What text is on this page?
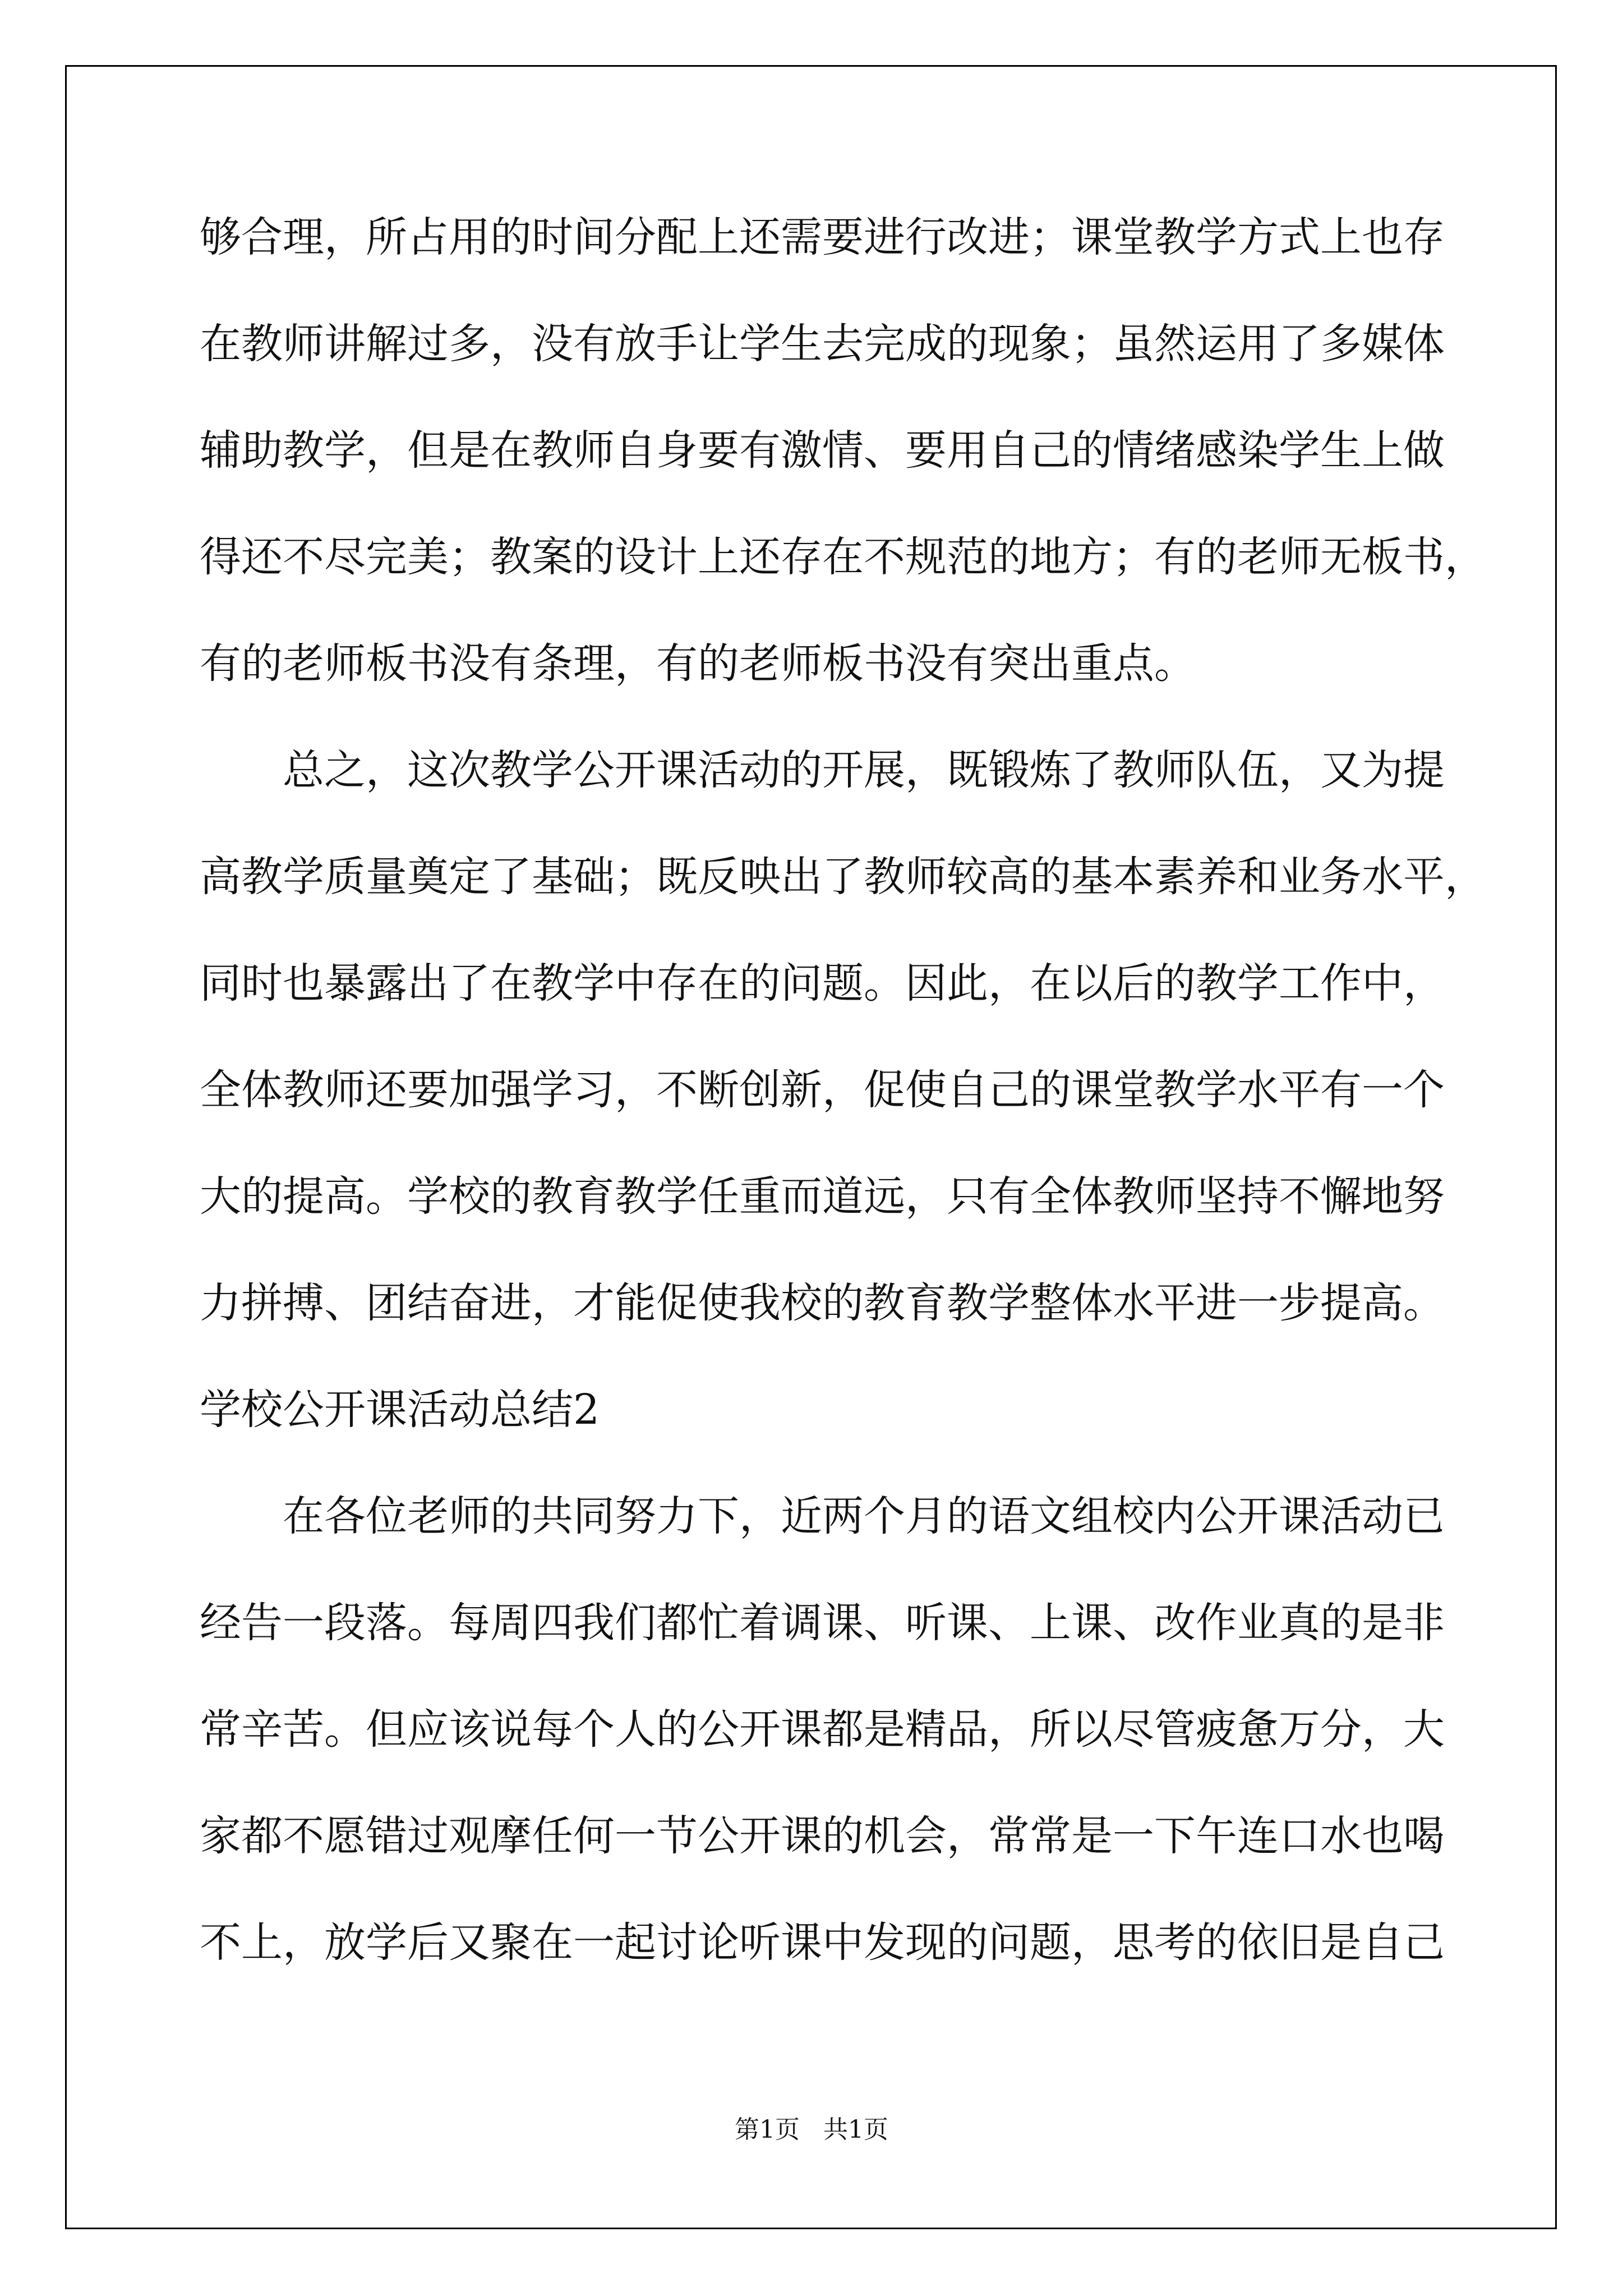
够合理，所占用的时间分配上还需要进行改进；课堂教学方式上也存
在教师讲解过多，没有放手让学生去完成的现象；虽然运用了多媒体
辅助教学，但是在教师自身要有激情、要用自己的情绪感染学生上做
得还不尽完美；教案的设计上还存在不规范的地方；有的老师无板书，
有的老师板书没有条理，有的老师板书没有突出重点。
总之，这次教学公开课活动的开展，既锻炼了教师队伍，又为提
高教学质量奠定了基础；既反映出了教师较高的基本素养和业务水平，
同时也暴露出了在教学中存在的问题。因此，在以后的教学工作中，
全体教师还要加强学习，不断创新，促使自己的课堂教学水平有一个
大的提高。学校的教育教学任重而道远，只有全体教师坚持不懈地努
力拼搏、团结奋进，才能促使我校的教育教学整体水平进一步提高。
学校公开课活动总结2
在各位老师的共同努力下，近两个月的语文组校内公开课活动已
经告一段落。每周四我们都忙着调课、听课、上课、改作业真的是非
常辛苦。但应该说每个人的公开课都是精品，所以尽管疲惫万分，大
家都不愿错过观摩任何一节公开课的机会，常常是一下午连口水也喝
不上，放学后又聚在一起讨论听课中发现的问题，思考的依旧是自己
第1页 共1页
